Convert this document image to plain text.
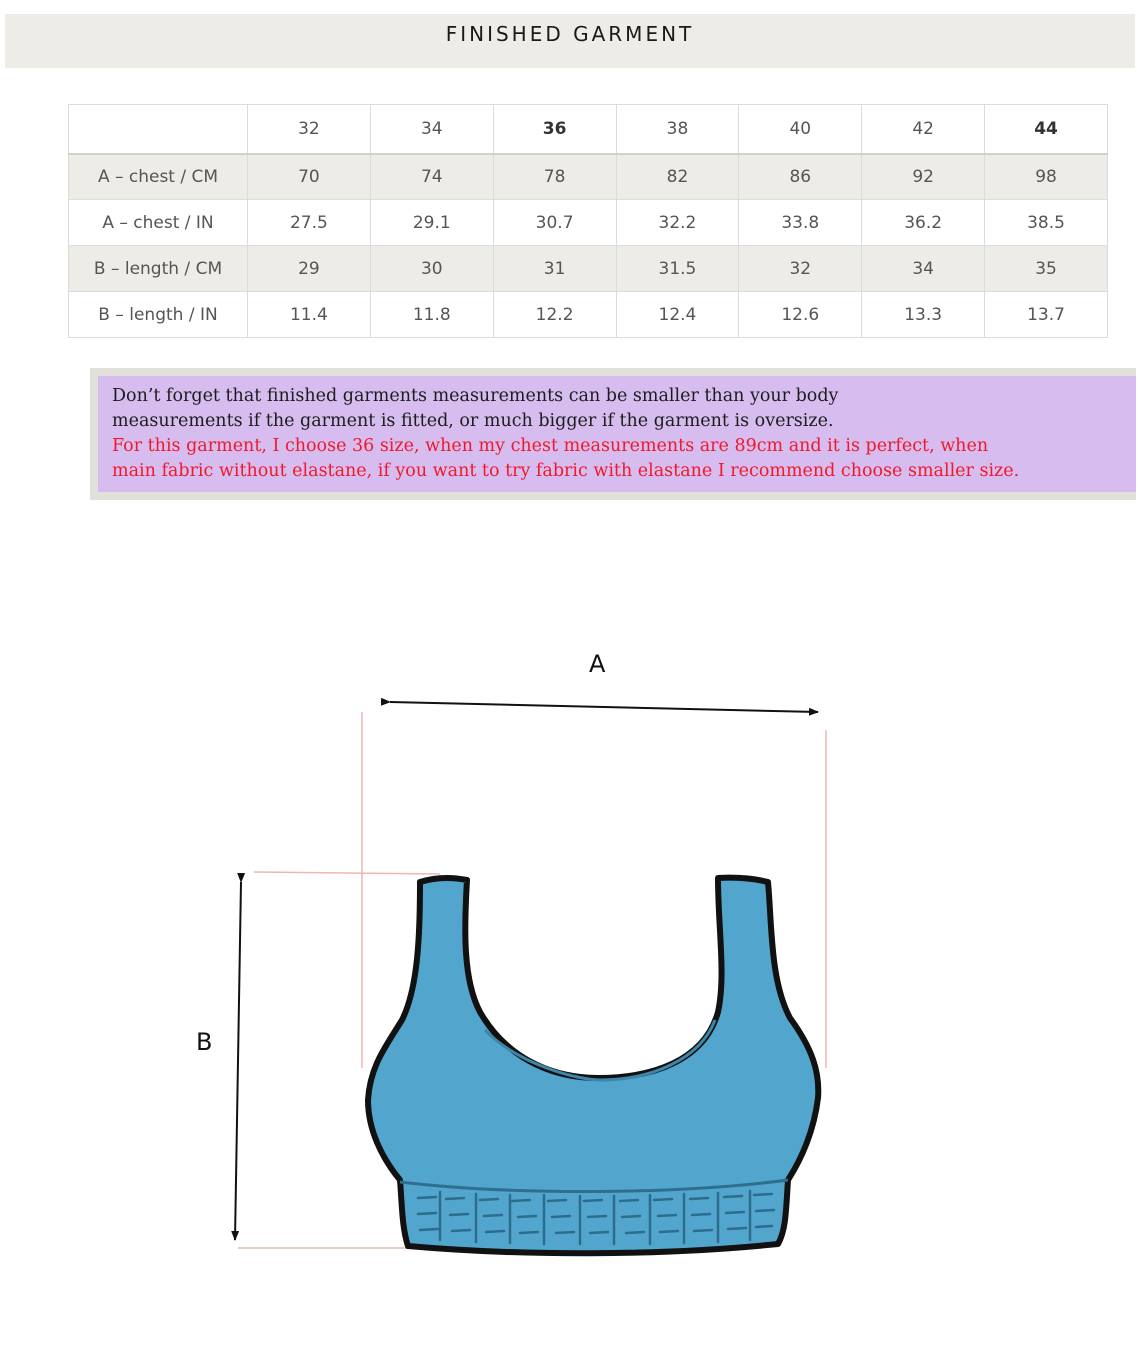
FINISHED GARMENT
	32	34	36	38	40	42	44
A – chest / CM	70	74	78	82	86	92	98
A – chest / IN	27.5	29.1	30.7	32.2	33.8	36.2	38.5
B – length / CM	29	30	31	31.5	32	34	35
B – length / IN	11.4	11.8	12.2	12.4	12.6	13.3	13.7
Don’t forget that finished garments measurements can be smaller than your body
measurements if the garment is fitted, or much bigger if the garment is oversize.
For this garment, I choose 36 size, when my chest measurements are 89cm and it is perfect, when
main fabric without elastane, if you want to try fabric with elastane I recommend choose smaller size.
A
B
